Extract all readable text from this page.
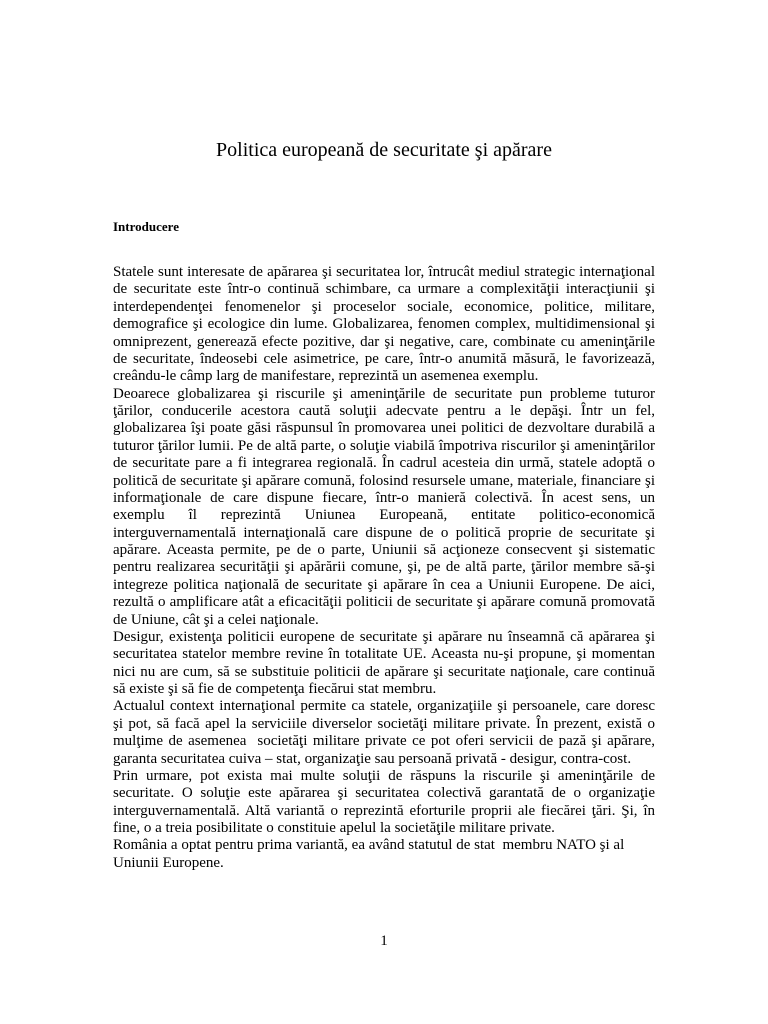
Politica europeană de securitate şi apărare
Introducere
Statele sunt interesate de apărarea şi securitatea lor, întrucât mediul strategic internaţional
de securitate este într-o continuă schimbare, ca urmare a complexităţii interacţiunii şi
interdependenţei fenomenelor şi proceselor sociale, economice, politice, militare,
demografice şi ecologice din lume. Globalizarea, fenomen complex, multidimensional şi
omniprezent, generează efecte pozitive, dar şi negative, care, combinate cu ameninţările
de securitate, îndeosebi cele asimetrice, pe care, într-o anumită măsură, le favorizează,
creându-le câmp larg de manifestare, reprezintă un asemenea exemplu.
Deoarece globalizarea şi riscurile şi ameninţările de securitate pun probleme tuturor
ţărilor, conducerile acestora caută soluţii adecvate pentru a le depăşi. Într un fel,
globalizarea îşi poate găsi răspunsul în promovarea unei politici de dezvoltare durabilă a
tuturor ţărilor lumii. Pe de altă parte, o soluţie viabilă împotriva riscurilor şi ameninţărilor
de securitate pare a fi integrarea regională. În cadrul acesteia din urmă, statele adoptă o
politică de securitate şi apărare comună, folosind resursele umane, materiale, financiare şi
informaţionale de care dispune fiecare, într-o manieră colectivă. În acest sens, un
exemplu îl reprezintă Uniunea Europeană, entitate politico-economică
interguvernamentală internaţională care dispune de o politică proprie de securitate şi
apărare. Aceasta permite, pe de o parte, Uniunii să acţioneze consecvent şi sistematic
pentru realizarea securităţii şi apărării comune, şi, pe de altă parte, ţărilor membre să-şi
integreze politica naţională de securitate şi apărare în cea a Uniunii Europene. De aici,
rezultă o amplificare atât a eficacităţii politicii de securitate şi apărare comună promovată
de Uniune, cât şi a celei naţionale.
Desigur, existenţa politicii europene de securitate şi apărare nu înseamnă că apărarea şi
securitatea statelor membre revine în totalitate UE. Aceasta nu-şi propune, şi momentan
nici nu are cum, să se substituie politicii de apărare şi securitate naţionale, care continuă
să existe şi să fie de competenţa fiecărui stat membru.
Actualul context internaţional permite ca statele, organizaţiile şi persoanele, care doresc
şi pot, să facă apel la serviciile diverselor societăţi militare private. În prezent, există o
mulţime de asemenea  societăţi militare private ce pot oferi servicii de pază şi apărare,
garanta securitatea cuiva – stat, organizaţie sau persoană privată - desigur, contra-cost.
Prin urmare, pot exista mai multe soluţii de răspuns la riscurile şi ameninţările de
securitate. O soluţie este apărarea şi securitatea colectivă garantată de o organizaţie
interguvernamentală. Altă variantă o reprezintă eforturile proprii ale fiecărei ţări. Şi, în
fine, o a treia posibilitate o constituie apelul la societăţile militare private.
România a optat pentru prima variantă, ea având statutul de stat  membru NATO şi al
Uniunii Europene.
1
